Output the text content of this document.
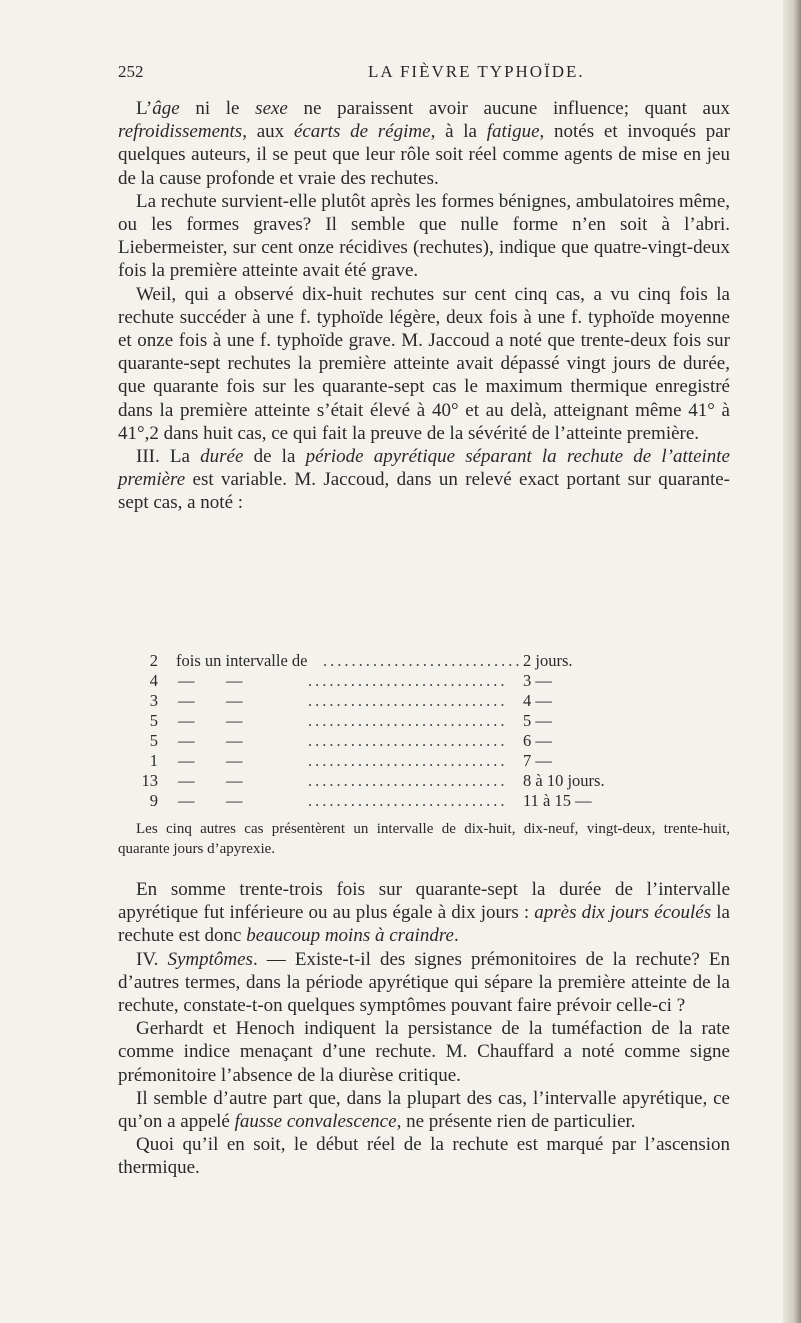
252	LA FIÈVRE TYPHOÏDE.

L’âge ni le sexe ne paraissent avoir aucune influence; quant aux refroidissements, aux écarts de régime, à la fatigue, notés et invoqués par quelques auteurs, il se peut que leur rôle soit réel comme agents de mise en jeu de la cause profonde et vraie des rechutes.

La rechute survient-elle plutôt après les formes bénignes, ambulatoires même, ou les formes graves? Il semble que nulle forme n’en soit à l’abri. Liebermeister, sur cent onze récidives (rechutes), indique que quatre-vingt-deux fois la première atteinte avait été grave.

Weil, qui a observé dix-huit rechutes sur cent cinq cas, a vu cinq fois la rechute succéder à une f. typhoïde légère, deux fois à une f. typhoïde moyenne et onze fois à une f. typhoïde grave. M. Jaccoud a noté que trente-deux fois sur quarante-sept rechutes la première atteinte avait dépassé vingt jours de durée, que quarante fois sur les quarante-sept cas le maximum thermique enregistré dans la première atteinte s’était élevé à 40° et au delà, atteignant même 41° à 41°,2 dans huit cas, ce qui fait la preuve de la sévérité de l’atteinte première.

III. La durée de la période apyrétique séparant la rechute de l’atteinte première est variable. M. Jaccoud, dans un relevé exact portant sur quarante-sept cas, a noté :

2 fois un intervalle de ............................ 2 jours.
4 — —	............................ 3 —
3 — —	............................ 4 —
5 — —	............................ 5 —
5 — —	............................ 6 —
1 — —	............................ 7 —
13 — —	............................ 8 à 10 jours.
9 — —	............................ 11 à 15 —

Les cinq autres cas présentèrent un intervalle de dix-huit, dix-neuf, vingt-deux, trente-huit, quarante jours d’apyrexie.

En somme trente-trois fois sur quarante-sept la durée de l’intervalle apyrétique fut inférieure ou au plus égale à dix jours : après dix jours écoulés la rechute est donc beaucoup moins à craindre.

IV. Symptômes. — Existe-t-il des signes prémonitoires de la rechute? En d’autres termes, dans la période apyrétique qui sépare la première atteinte de la rechute, constate-t-on quelques symptômes pouvant faire prévoir celle-ci ?

Gerhardt et Henoch indiquent la persistance de la tuméfaction de la rate comme indice menaçant d’une rechute. M. Chauffard a noté comme signe prémonitoire l’absence de la diurèse critique.

Il semble d’autre part que, dans la plupart des cas, l’intervalle apyrétique, ce qu’on a appelé fausse convalescence, ne présente rien de particulier.

Quoi qu’il en soit, le début réel de la rechute est marqué par l’ascension thermique.
